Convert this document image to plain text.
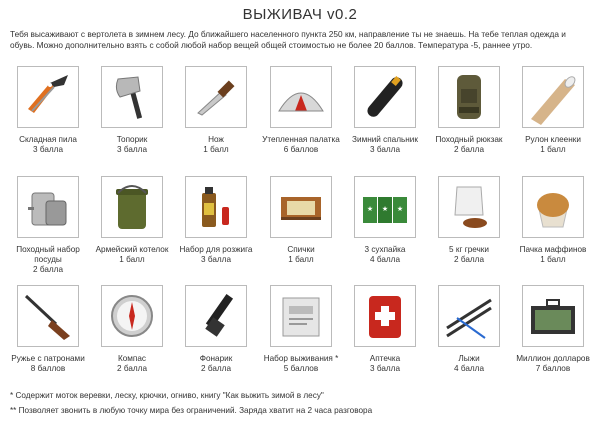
ВЫЖИВАЧ v0.2
Тебя высаживают с вертолета в зимнем лесу. До ближайшего населенного пункта 250 км, направление ты не знаешь. На тебе теплая одежда и обувь. Можно дополнительно взять с собой любой набор вещей общей стоимостью не более 20 баллов. Температура -5, раннее утро.
Складная пила
3 балла
Топорик
3 балла
Нож
1 балл
Утепленная палатка
6 баллов
Зимний спальник
3 балла
Походный рюкзак
2 балла
Рулон клеенки
1 балл
Походный набор посуды
2 балла
Армейский котелок
1 балл
Набор для розжига
3 балла
Спички
1 балл
★ ★ ★
3 сухпайка
4 балла
5 кг гречки
2 балла
Пачка маффинов
1 балл
Ружье с патронами
8 баллов
Компас
2 балла
Фонарик
2 балла
Набор выживания *
5 баллов
Аптечка
3 балла
Лыжи
4 балла
Миллион долларов
7 баллов
* Содержит моток веревки, леску, крючки, огниво, книгу "Как выжить зимой в лесу"
** Позволяет звонить в любую точку мира без ограничений. Заряда хватит на 2 часа разговора
